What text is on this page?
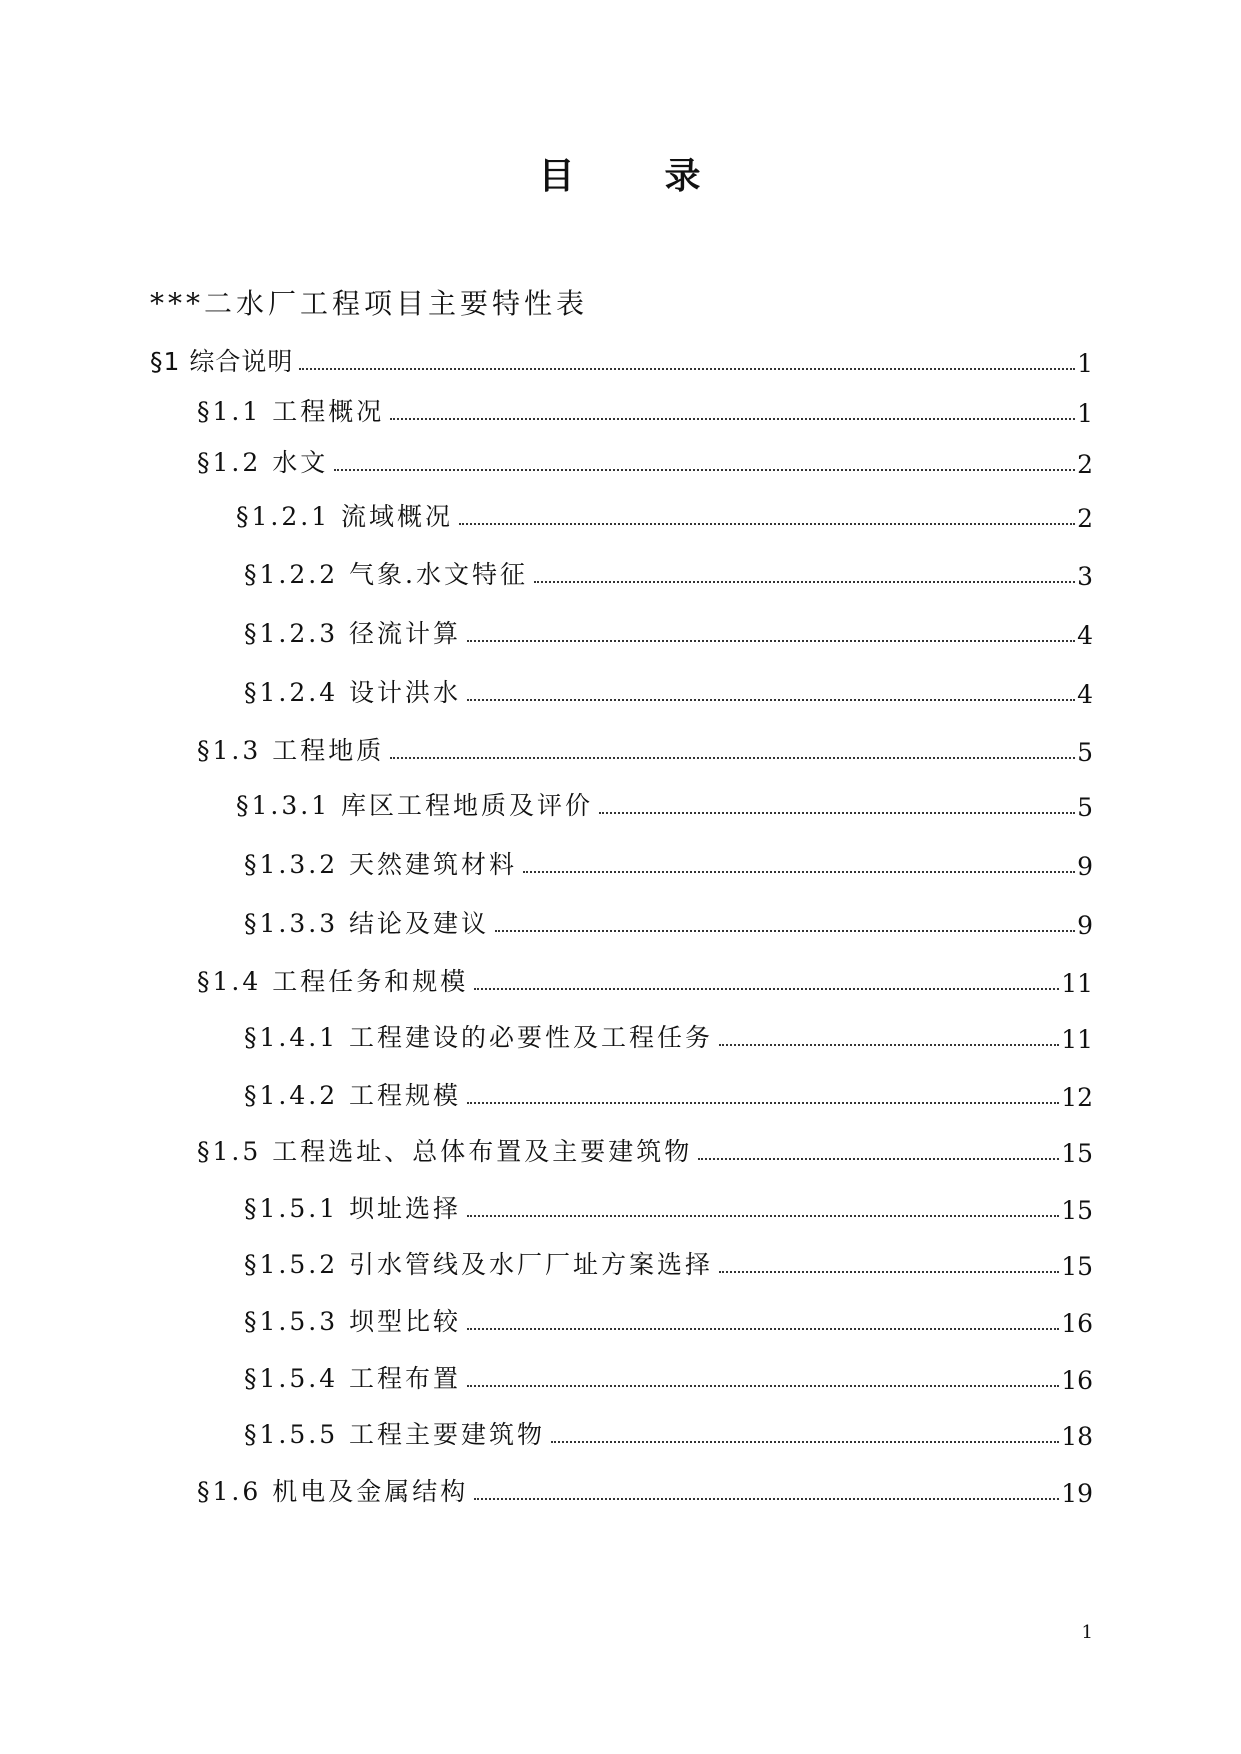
目 录
***二水厂工程项目主要特性表
§1 综合说明	1
§1.1 工程概况	1
§1.2 水文	2
§1.2.1 流域概况	2
§1.2.2 气象.水文特征	3
§1.2.3 径流计算	4
§1.2.4 设计洪水	4
§1.3 工程地质	5
§1.3.1 库区工程地质及评价	5
§1.3.2 天然建筑材料	9
§1.3.3 结论及建议	9
§1.4 工程任务和规模	11
§1.4.1 工程建设的必要性及工程任务	11
§1.4.2 工程规模	12
§1.5 工程选址、总体布置及主要建筑物	15
§1.5.1 坝址选择	15
§1.5.2 引水管线及水厂厂址方案选择	15
§1.5.3 坝型比较	16
§1.5.4 工程布置	16
§1.5.5 工程主要建筑物	18
§1.6 机电及金属结构	19
1
